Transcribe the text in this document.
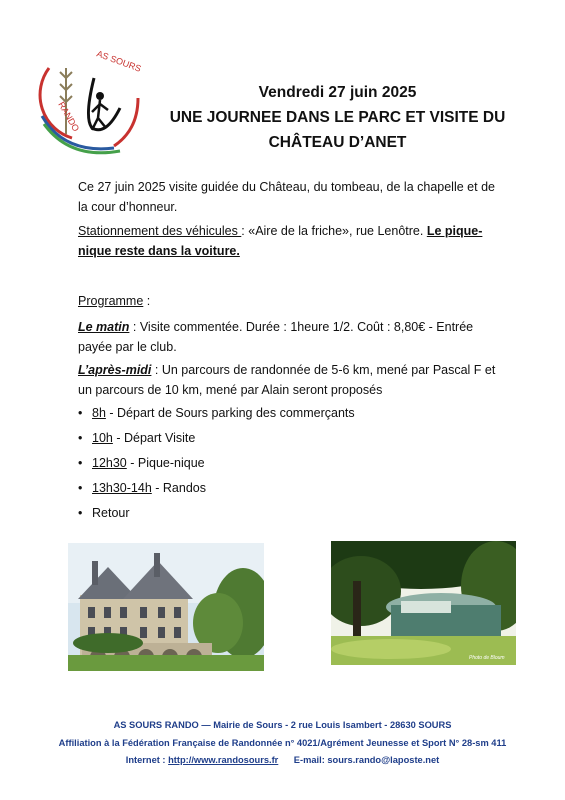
AS SOURS
RANDO
Vendredi 27 juin 2025
UNE JOURNEE DANS LE PARC ET VISITE DU
CHÂTEAU D’ANET
Ce 27 juin 2025 visite guidée du Château, du tombeau, de la chapelle et de
la cour d’honneur.
Stationnement des véhicules : «Aire de la friche», rue Lenôtre. Le pique-
nique reste dans la voiture.
Programme :
Le matin : Visite commentée. Durée : 1heure 1/2. Coût : 8,80€ - Entrée
payée par le club.
L’après-midi : Un parcours de randonnée de 5-6 km, mené par Pascal F et
un parcours de 10 km, mené par Alain seront proposés
• 8h - Départ de Sours parking des commerçants
• 10h - Départ Visite
• 12h30 - Pique-nique
• 13h30-14h - Randos
• Retour
Photo de Bloum
AS SOURS RANDO — Mairie de Sours - 2 rue Louis Isambert - 28630 SOURS
Affiliation à la Fédération Française de Randonnée n° 4021/Agrément Jeunesse et Sport N° 28-sm 411
Internet : http://www.randosours.fr      E-mail: sours.rando@laposte.net
